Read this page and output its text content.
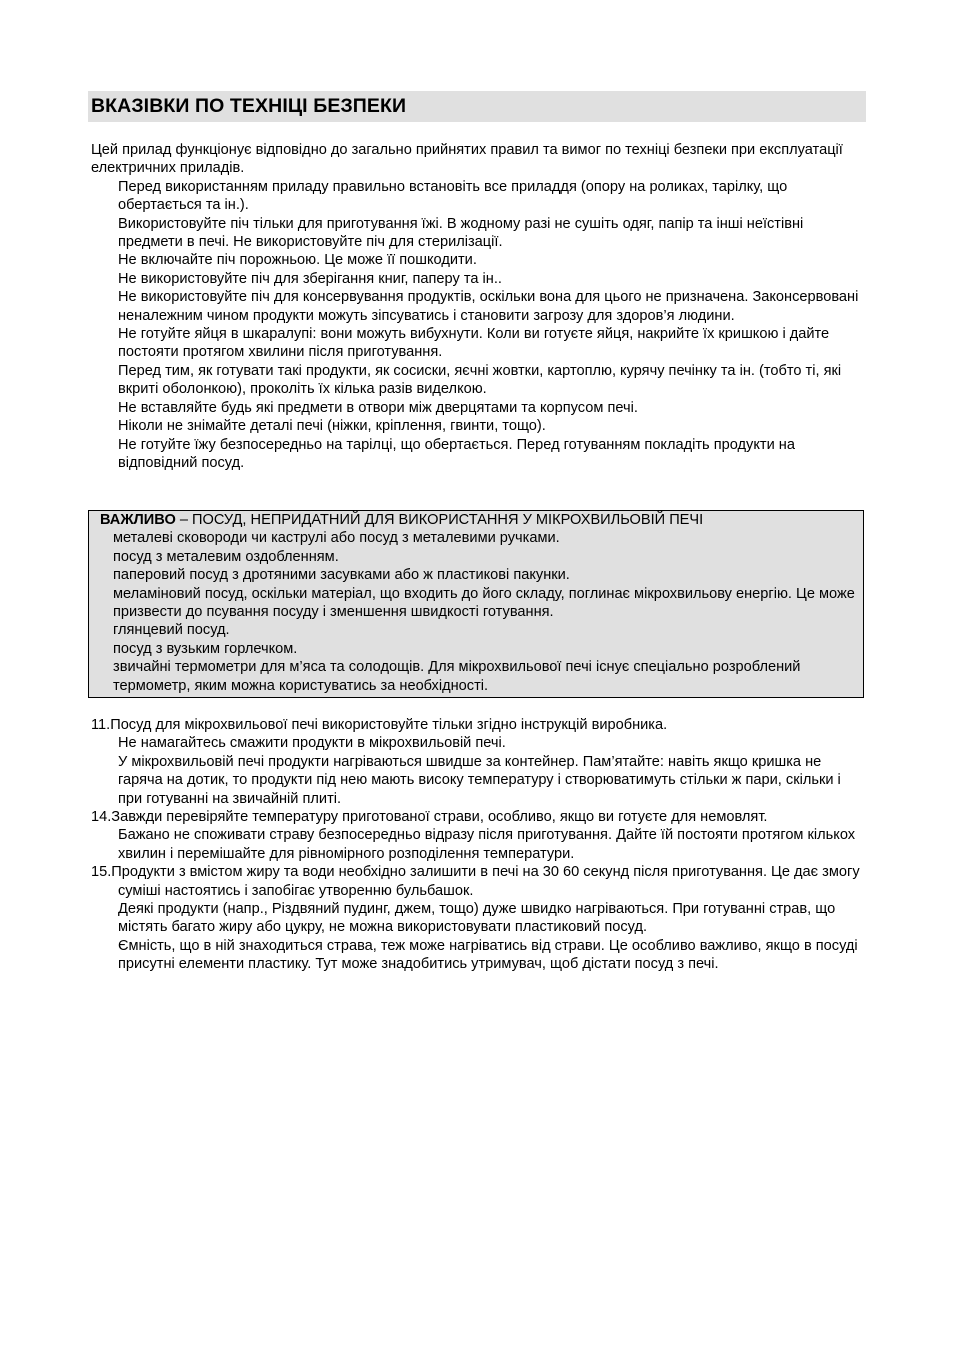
ВКАЗІВКИ ПО ТЕХНІЦІ БЕЗПЕКИ

Цей прилад функціонує відповідно до загально прийнятих правил та вимог по техніці безпеки при експлуатації електричних приладів.

Перед використанням приладу правильно встановіть все приладдя (опору на роликах, тарілку, що обертається та ін.).
Використовуйте піч тільки для приготування їжі. В жодному разі не сушіть одяг, папір та інші неїстівні предмети в печі. Не використовуйте піч для стерилізації.
Не включайте піч порожньою. Це може її пошкодити.
Не використовуйте піч для зберігання книг, паперу та ін..
Не використовуйте піч для консервування продуктів, оскільки вона для цього не призначена. Законсервовані неналежним чином продукти можуть зіпсуватись і становити загрозу для здоров’я людини.
Не готуйте яйця в шкаралупі: вони можуть вибухнути. Коли ви готуєте яйця, накрийте їх кришкою і дайте постояти протягом хвилини після приготування.
Перед тим, як готувати такі продукти, як сосиски, яєчні жовтки, картоплю, курячу печінку та ін. (тобто ті, які вкриті оболонкою), проколіть їх кілька разів виделкою.
Не вставляйте будь які предмети в отвори між дверцятами та корпусом печі.
Ніколи не знімайте деталі печі (ніжки, кріплення, гвинти, тощо).
Не готуйте їжу безпосередньо на тарілці, що обертається. Перед готуванням покладіть продукти на відповідний посуд.

ВАЖЛИВО – ПОСУД, НЕПРИДАТНИЙ ДЛЯ ВИКОРИСТАННЯ У МІКРОХВИЛЬОВІЙ ПЕЧІ

металеві сковороди чи каструлі або посуд з металевими ручками.
посуд з металевим оздобленням.
паперовий посуд з дротяними засувками або ж пластикові пакунки.
меламіновий посуд, оскільки матеріал, що входить до його складу, поглинає мікрохвильову енергію. Це може призвести до псування посуду і зменшення швидкості готування.
глянцевий посуд.
посуд з вузьким горлечком.
звичайні термометри для м’яса та солодощів. Для мікрохвильової печі існує спеціально розроблений термометр, яким можна користуватись за необхідності.
11.Посуд для мікрохвильової печі використовуйте тільки згідно інструкцій виробника.
Не намагайтесь смажити продукти в мікрохвильовій печі.
У мікрохвильовій печі продукти нагріваються швидше за контейнер. Пам’ятайте: навіть якщо кришка не гаряча на дотик, то продукти під нею мають високу температуру і створюватимуть стільки ж пари, скільки і при готуванні на звичайній плиті.
14.Завжди перевіряйте температуру приготованої страви, особливо, якщо ви готуєте для немовлят.
Бажано не споживати страву безпосередньо відразу після приготування. Дайте їй постояти протягом кількох хвилин і перемішайте для рівномірного розподілення температури.
15.Продукти з вмістом жиру та води необхідно залишити в печі на 30 60 секунд після приготування. Це дає змогу суміші настоятись і запобігає утворенню бульбашок.
Деякі продукти (напр., Різдвяний пудинг, джем, тощо) дуже швидко нагріваються. При готуванні страв, що містять багато жиру або цукру, не можна використовувати пластиковий посуд.
Ємність, що в ній знаходиться страва, теж може нагріватись від страви. Це особливо важливо, якщо в посуді присутні елементи пластику. Тут може знадобитись утримувач, щоб дістати посуд з печі.
